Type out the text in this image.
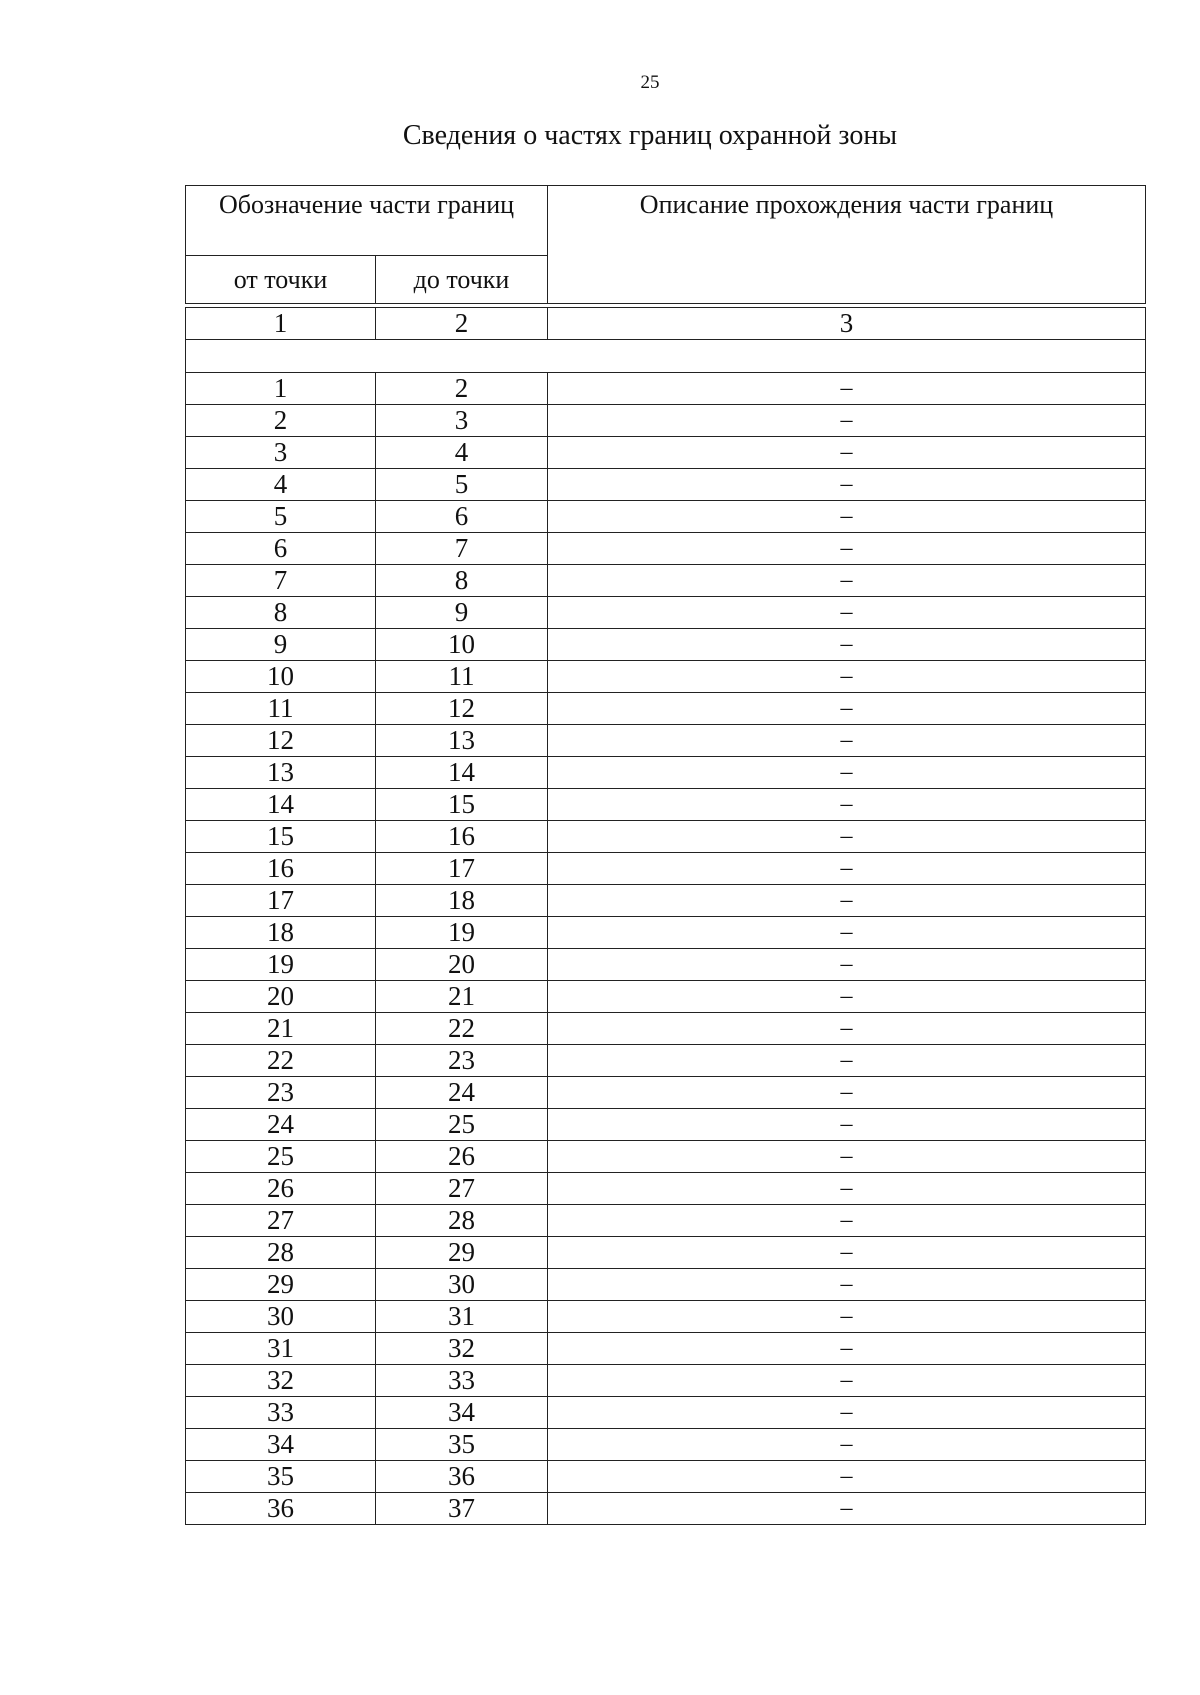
25
Сведения о частях границ охранной зоны
Обозначение части границ		Описание прохождения части границ
от точки	до точки	
1	2	3

1	2	–
2	3	–
3	4	–
4	5	–
5	6	–
6	7	–
7	8	–
8	9	–
9	10	–
10	11	–
11	12	–
12	13	–
13	14	–
14	15	–
15	16	–
16	17	–
17	18	–
18	19	–
19	20	–
20	21	–
21	22	–
22	23	–
23	24	–
24	25	–
25	26	–
26	27	–
27	28	–
28	29	–
29	30	–
30	31	–
31	32	–
32	33	–
33	34	–
34	35	–
35	36	–
36	37	–
